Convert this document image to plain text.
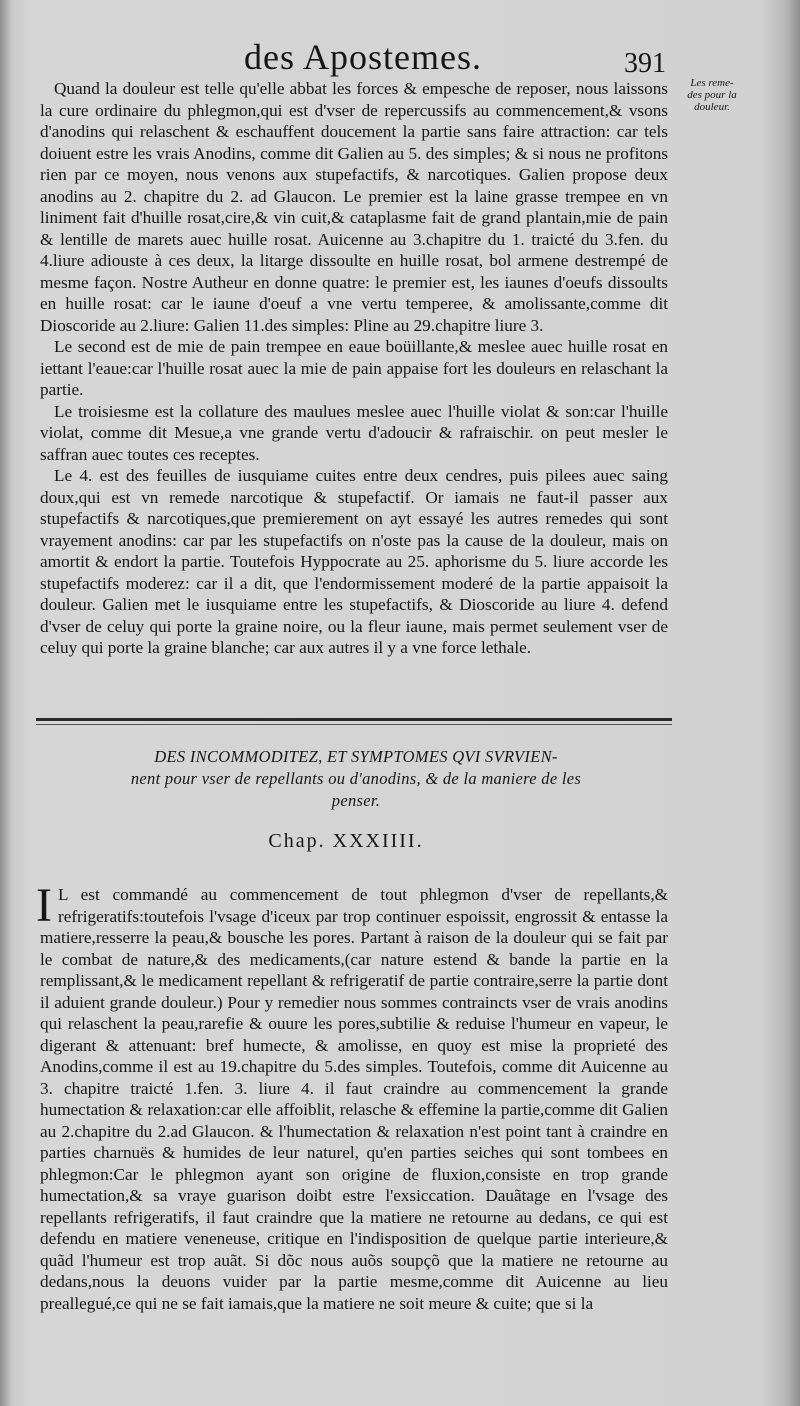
des Apostemes.	391
Les reme-des pour la douleur.

Quand la douleur est telle qu'elle abbat les forces & empesche de reposer, nous laissons la cure ordinaire du phlegmon,qui est d'vser de repercussifs au commencement,& vsons d'anodins qui relaschent & eschauffent doucement la partie sans faire attraction: car tels doiuent estre les vrais Anodins, comme dit Galien au 5. des simples; & si nous ne profitons rien par ce moyen, nous venons aux stupefactifs, & narcotiques. Galien propose deux anodins au 2. chapitre du 2. ad Glaucon. Le premier est la laine grasse trempee en vn liniment fait d'huille rosat,cire,& vin cuit,& cataplasme fait de grand plantain,mie de pain & lentille de marets auec huille rosat. Auicenne au 3.chapitre du 1. traicté du 3.fen. du 4.liure adiouste à ces deux, la litarge dissoulte en huille rosat, bol armene destrempé de mesme façon. Nostre Autheur en donne quatre: le premier est, les iaunes d'oeufs dissoults en huille rosat: car le iaune d'oeuf a vne vertu temperee, & amolissante,comme dit Dioscoride au 2.liure: Galien 11.des simples: Pline au 29.chapitre liure 3.

Le second est de mie de pain trempee en eaue boüillante,& meslee auec huille rosat en iettant l'eaue:car l'huille rosat auec la mie de pain appaise fort les douleurs en relaschant la partie.

Le troisiesme est la collature des maulues meslee auec l'huille violat & son:car l'huille violat, comme dit Mesue,a vne grande vertu d'adoucir & rafraischir. on peut mesler le saffran auec toutes ces receptes.

Le 4. est des feuilles de iusquiame cuites entre deux cendres, puis pilees auec saing doux,qui est vn remede narcotique & stupefactif. Or iamais ne faut-il passer aux stupefactifs & narcotiques,que premierement on ayt essayé les autres remedes qui sont vrayement anodins: car par les stupefactifs on n'oste pas la cause de la douleur, mais on amortit & endort la partie. Toutefois Hyppocrate au 25. aphorisme du 5. liure accorde les stupefactifs moderez: car il a dit, que l'endormissement moderé de la partie appaisoit la douleur. Galien met le iusquiame entre les stupefactifs, & Dioscoride au liure 4. defend d'vser de celuy qui porte la graine noire, ou la fleur iaune, mais permet seulement vser de celuy qui porte la graine blanche; car aux autres il y a vne force lethale.

DES INCOMMODITEZ, ET SYMPTOMES QVI SVRVIEN-
nent pour vser de repellants ou d'anodins, & de la maniere de les
penser.
Chap. XXXIIII.

I L est commandé au commencement de tout phlegmon d'vser de repellants,& refrigeratifs:toutefois l'vsage d'iceux par trop continuer espoissit, engrossit & entasse la matiere,resserre la peau,& bousche les pores. Partant à raison de la douleur qui se fait par le combat de nature,& des medicaments,(car nature estend & bande la partie en la remplissant,& le medicament repellant & refrigeratif de partie contraire,serre la partie dont il aduient grande douleur.) Pour y remedier nous sommes contraincts vser de vrais anodins qui relaschent la peau,rarefie & ouure les pores,subtilie & reduise l'humeur en vapeur, le digerant & attenuant: bref humecte, & amolisse, en quoy est mise la proprieté des Anodins,comme il est au 19.chapitre du 5.des simples. Toutefois, comme dit Auicenne au 3. chapitre traicté 1.fen. 3. liure 4. il faut craindre au commencement la grande humectation & relaxation:car elle affoiblit, relasche & effemine la partie,comme dit Galien au 2.chapitre du 2.ad Glaucon. & l'humectation & relaxation n'est point tant à craindre en parties charnuës & humides de leur naturel, qu'en parties seiches qui sont tombees en phlegmon:Car le phlegmon ayant son origine de fluxion,consiste en trop grande humectation,& sa vraye guarison doibt estre l'exsiccation. Dauãtage en l'vsage des repellants refrigeratifs, il faut craindre que la matiere ne retourne au dedans, ce qui est defendu en matiere veneneuse, critique en l'indisposition de quelque partie interieure,& quãd l'humeur est trop auãt. Si dõc nous auõs soupçõ que la matiere ne retourne au dedans,nous la deuons vuider par la partie mesme,comme dit Auicenne au lieu preallegué,ce qui ne se fait iamais,que la matiere ne soit meure & cuite; que si la
